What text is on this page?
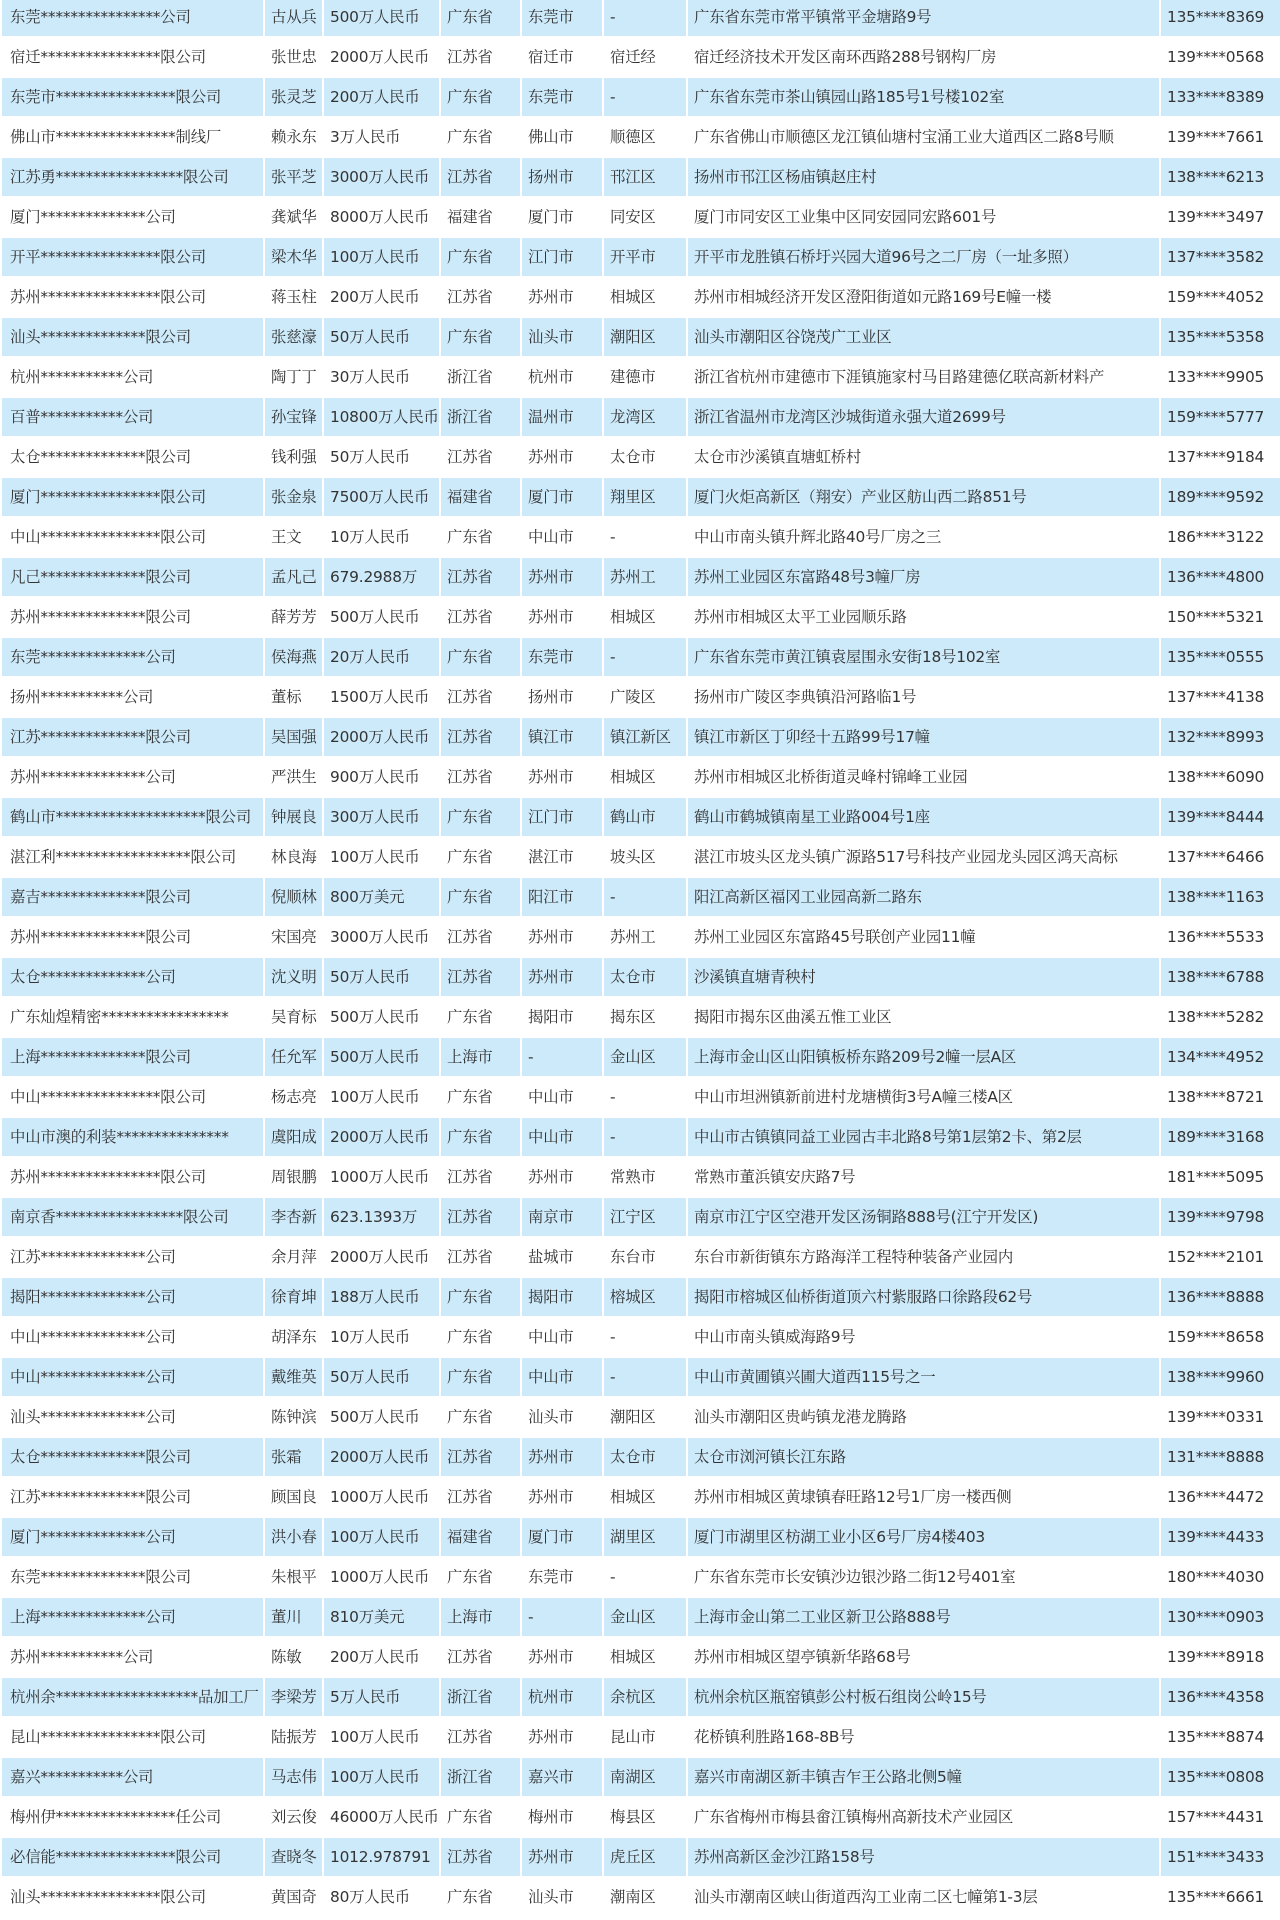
东莞****************公司	古从兵	500万人民币	广东省	东莞市	-	广东省东莞市常平镇常平金塘路9号	135****8369
宿迁****************限公司	张世忠	2000万人民币	江苏省	宿迁市	宿迁经	宿迁经济技术开发区南环西路288号钢构厂房	139****0568
东莞市****************限公司	张灵芝	200万人民币	广东省	东莞市	-	广东省东莞市茶山镇园山路185号1号楼102室	133****8389
佛山市****************制线厂	赖永东	3万人民币	广东省	佛山市	顺德区	广东省佛山市顺德区龙江镇仙塘村宝涌工业大道西区二路8号顺	139****7661
江苏勇*****************限公司	张平芝	3000万人民币	江苏省	扬州市	邗江区	扬州市邗江区杨庙镇赵庄村	138****6213
厦门**************公司	龚斌华	8000万人民币	福建省	厦门市	同安区	厦门市同安区工业集中区同安园同宏路601号	139****3497
开平****************限公司	梁木华	100万人民币	广东省	江门市	开平市	开平市龙胜镇石桥圩兴园大道96号之二厂房（一址多照）	137****3582
苏州****************限公司	蒋玉柱	200万人民币	江苏省	苏州市	相城区	苏州市相城经济开发区澄阳街道如元路169号E幢一楼	159****4052
汕头**************限公司	张慈濠	50万人民币	广东省	汕头市	潮阳区	汕头市潮阳区谷饶茂广工业区	135****5358
杭州***********公司	陶丁丁	30万人民币	浙江省	杭州市	建德市	浙江省杭州市建德市下涯镇施家村马目路建德亿联高新材料产	133****9905
百普***********公司	孙宝锋	10800万人民币	浙江省	温州市	龙湾区	浙江省温州市龙湾区沙城街道永强大道2699号	159****5777
太仓**************限公司	钱利强	50万人民币	江苏省	苏州市	太仓市	太仓市沙溪镇直塘虹桥村	137****9184
厦门****************限公司	张金泉	7500万人民币	福建省	厦门市	翔里区	厦门火炬高新区（翔安）产业区舫山西二路851号	189****9592
中山****************限公司	王文	10万人民币	广东省	中山市	-	中山市南头镇升辉北路40号厂房之三	186****3122
凡己**************限公司	孟凡己	679.2988万	江苏省	苏州市	苏州工	苏州工业园区东富路48号3幢厂房	136****4800
苏州**************限公司	薛芳芳	500万人民币	江苏省	苏州市	相城区	苏州市相城区太平工业园顺乐路	150****5321
东莞**************公司	侯海燕	20万人民币	广东省	东莞市	-	广东省东莞市黄江镇袁屋围永安街18号102室	135****0555
扬州***********公司	董标	1500万人民币	江苏省	扬州市	广陵区	扬州市广陵区李典镇沿河路临1号	137****4138
江苏**************限公司	吴国强	2000万人民币	江苏省	镇江市	镇江新区	镇江市新区丁卯经十五路99号17幢	132****8993
苏州**************公司	严洪生	900万人民币	江苏省	苏州市	相城区	苏州市相城区北桥街道灵峰村锦峰工业园	138****6090
鹤山市********************限公司	钟展良	300万人民币	广东省	江门市	鹤山市	鹤山市鹤城镇南星工业路004号1座	139****8444
湛江利******************限公司	林良海	100万人民币	广东省	湛江市	坡头区	湛江市坡头区龙头镇广源路517号科技产业园龙头园区鸿天高标	137****6466
嘉吉**************限公司	倪顺林	800万美元	广东省	阳江市	-	阳江高新区福冈工业园高新二路东	138****1163
苏州**************限公司	宋国亮	3000万人民币	江苏省	苏州市	苏州工	苏州工业园区东富路45号联创产业园11幢	136****5533
太仓**************公司	沈义明	50万人民币	江苏省	苏州市	太仓市	沙溪镇直塘青秧村	138****6788
广东灿煌精密*****************	吴育标	500万人民币	广东省	揭阳市	揭东区	揭阳市揭东区曲溪五惟工业区	138****5282
上海**************限公司	任允军	500万人民币	上海市	-	金山区	上海市金山区山阳镇板桥东路209号2幢一层A区	134****4952
中山****************限公司	杨志亮	100万人民币	广东省	中山市	-	中山市坦洲镇新前进村龙塘横街3号A幢三楼A区	138****8721
中山市澳的利装***************	虞阳成	2000万人民币	广东省	中山市	-	中山市古镇镇同益工业园古丰北路8号第1层第2卡、第2层	189****3168
苏州****************限公司	周银鹏	1000万人民币	江苏省	苏州市	常熟市	常熟市董浜镇安庆路7号	181****5095
南京香*****************限公司	李杏新	623.1393万	江苏省	南京市	江宁区	南京市江宁区空港开发区汤铜路888号(江宁开发区)	139****9798
江苏**************公司	余月萍	2000万人民币	江苏省	盐城市	东台市	东台市新街镇东方路海洋工程特种装备产业园内	152****2101
揭阳**************公司	徐育坤	188万人民币	广东省	揭阳市	榕城区	揭阳市榕城区仙桥街道顶六村紫服路口徐路段62号	136****8888
中山**************公司	胡泽东	10万人民币	广东省	中山市	-	中山市南头镇威海路9号	159****8658
中山**************公司	戴维英	50万人民币	广东省	中山市	-	中山市黄圃镇兴圃大道西115号之一	138****9960
汕头**************公司	陈钟滨	500万人民币	广东省	汕头市	潮阳区	汕头市潮阳区贵屿镇龙港龙腾路	139****0331
太仓**************限公司	张霜	2000万人民币	江苏省	苏州市	太仓市	太仓市浏河镇长江东路	131****8888
江苏**************限公司	顾国良	1000万人民币	江苏省	苏州市	相城区	苏州市相城区黄埭镇春旺路12号1厂房一楼西侧	136****4472
厦门**************公司	洪小春	100万人民币	福建省	厦门市	湖里区	厦门市湖里区枋湖工业小区6号厂房4楼403	139****4433
东莞**************限公司	朱根平	1000万人民币	广东省	东莞市	-	广东省东莞市长安镇沙边银沙路二街12号401室	180****4030
上海**************公司	董川	810万美元	上海市	-	金山区	上海市金山第二工业区新卫公路888号	130****0903
苏州***********公司	陈敏	200万人民币	江苏省	苏州市	相城区	苏州市相城区望亭镇新华路68号	139****8918
杭州余*******************品加工厂	李梁芳	5万人民币	浙江省	杭州市	余杭区	杭州余杭区瓶窑镇彭公村板石组岗公岭15号	136****4358
昆山****************限公司	陆振芳	100万人民币	江苏省	苏州市	昆山市	花桥镇利胜路168-8B号	135****8874
嘉兴***********公司	马志伟	100万人民币	浙江省	嘉兴市	南湖区	嘉兴市南湖区新丰镇吉乍王公路北侧5幢	135****0808
梅州伊****************任公司	刘云俊	46000万人民币	广东省	梅州市	梅县区	广东省梅州市梅县畲江镇梅州高新技术产业园区	157****4431
必信能****************限公司	查晓冬	1012.978791	江苏省	苏州市	虎丘区	苏州高新区金沙江路158号	151****3433
汕头****************限公司	黄国奇	80万人民币	广东省	汕头市	潮南区	汕头市潮南区峡山街道西沟工业南二区七幢第1-3层	135****6661
